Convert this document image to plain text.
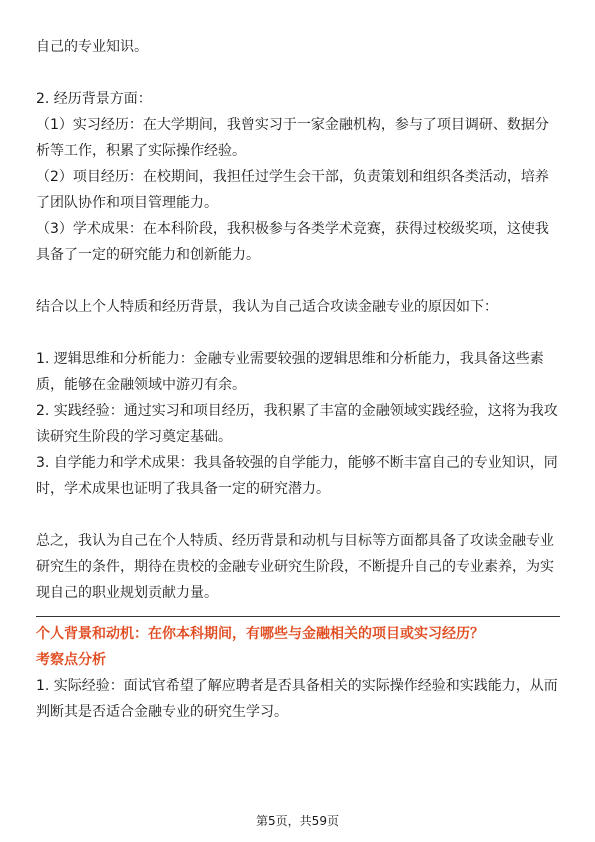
自己的专业知识。

2. 经历背景方面：

（1）实习经历：在大学期间，我曾实习于一家金融机构，参与了项目调研、数据分析等工作，积累了实际操作经验。

（2）项目经历：在校期间，我担任过学生会干部，负责策划和组织各类活动，培养了团队协作和项目管理能力。

（3）学术成果：在本科阶段，我积极参与各类学术竞赛，获得过校级奖项，这使我具备了一定的研究能力和创新能力。

结合以上个人特质和经历背景，我认为自己适合攻读金融专业的原因如下：

1. 逻辑思维和分析能力：金融专业需要较强的逻辑思维和分析能力，我具备这些素质，能够在金融领域中游刃有余。

2. 实践经验：通过实习和项目经历，我积累了丰富的金融领域实践经验，这将为我攻读研究生阶段的学习奠定基础。

3. 自学能力和学术成果：我具备较强的自学能力，能够不断丰富自己的专业知识，同时，学术成果也证明了我具备一定的研究潜力。

总之，我认为自己在个人特质、经历背景和动机与目标等方面都具备了攻读金融专业研究生的条件，期待在贵校的金融专业研究生阶段，不断提升自己的专业素养，为实现自己的职业规划贡献力量。

个人背景和动机：在你本科期间，有哪些与金融相关的项目或实习经历？

考察点分析

1. 实际经验：面试官希望了解应聘者是否具备相关的实际操作经验和实践能力，从而判断其是否适合金融专业的研究生学习。

第5页，共59页
